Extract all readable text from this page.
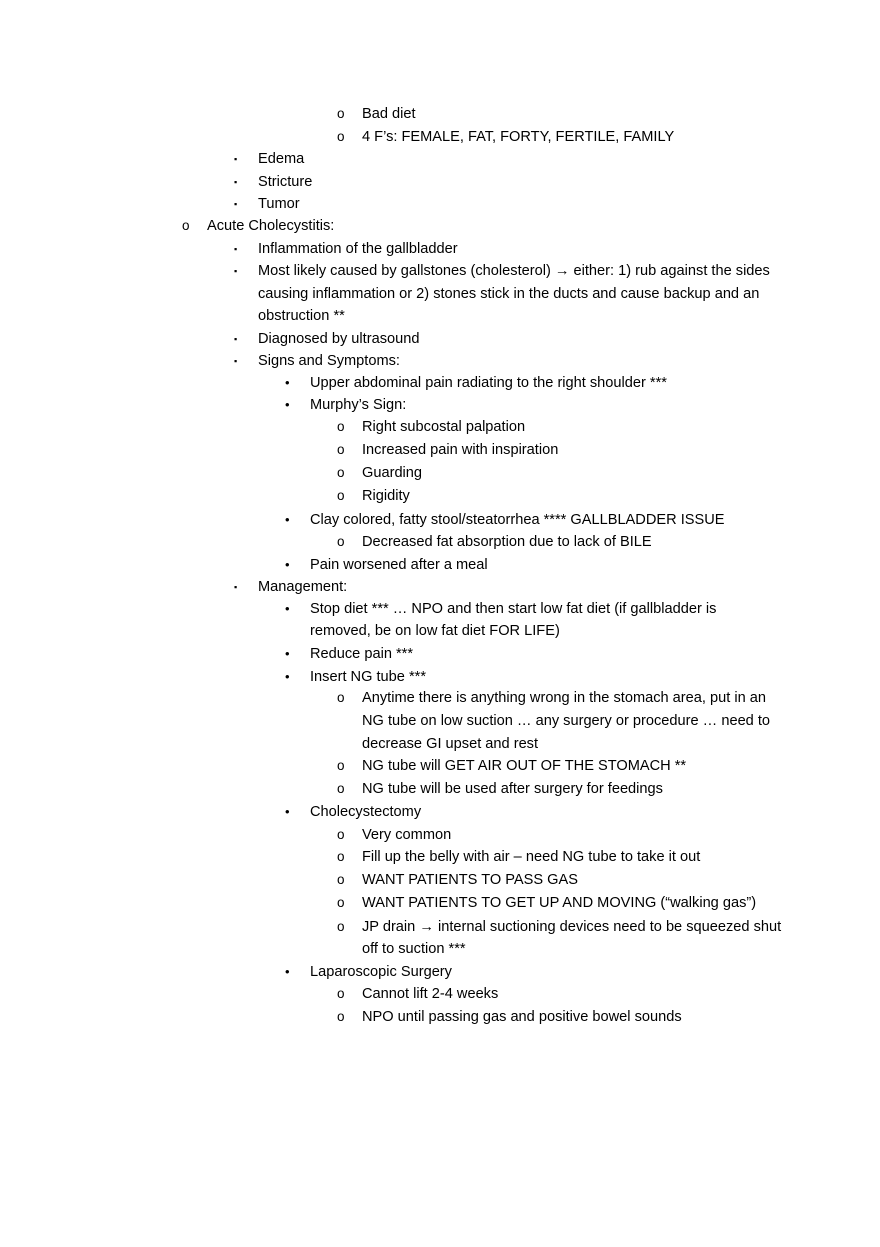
o Bad diet
o 4 F’s: FEMALE, FAT, FORTY, FERTILE, FAMILY
▪ Edema
▪ Stricture
▪ Tumor
o Acute Cholecystitis:
▪ Inflammation of the gallbladder
▪ Most likely caused by gallstones (cholesterol) → either: 1) rub against the sides
causing inflammation or 2) stones stick in the ducts and cause backup and an
obstruction **
▪ Diagnosed by ultrasound
▪ Signs and Symptoms:
• Upper abdominal pain radiating to the right shoulder ***
• Murphy’s Sign:
o Right subcostal palpation
o Increased pain with inspiration
o Guarding
o Rigidity
• Clay colored, fatty stool/steatorrhea **** GALLBLADDER ISSUE
o Decreased fat absorption due to lack of BILE
• Pain worsened after a meal
▪ Management:
• Stop diet *** … NPO and then start low fat diet (if gallbladder is
removed, be on low fat diet FOR LIFE)
• Reduce pain ***
• Insert NG tube ***
o Anytime there is anything wrong in the stomach area, put in an
NG tube on low suction … any surgery or procedure … need to
decrease GI upset and rest
o NG tube will GET AIR OUT OF THE STOMACH **
o NG tube will be used after surgery for feedings
• Cholecystectomy
o Very common
o Fill up the belly with air – need NG tube to take it out
o WANT PATIENTS TO PASS GAS
o WANT PATIENTS TO GET UP AND MOVING (“walking gas”)
o JP drain → internal suctioning devices need to be squeezed shut
off to suction ***
• Laparoscopic Surgery
o Cannot lift 2-4 weeks
o NPO until passing gas and positive bowel sounds
